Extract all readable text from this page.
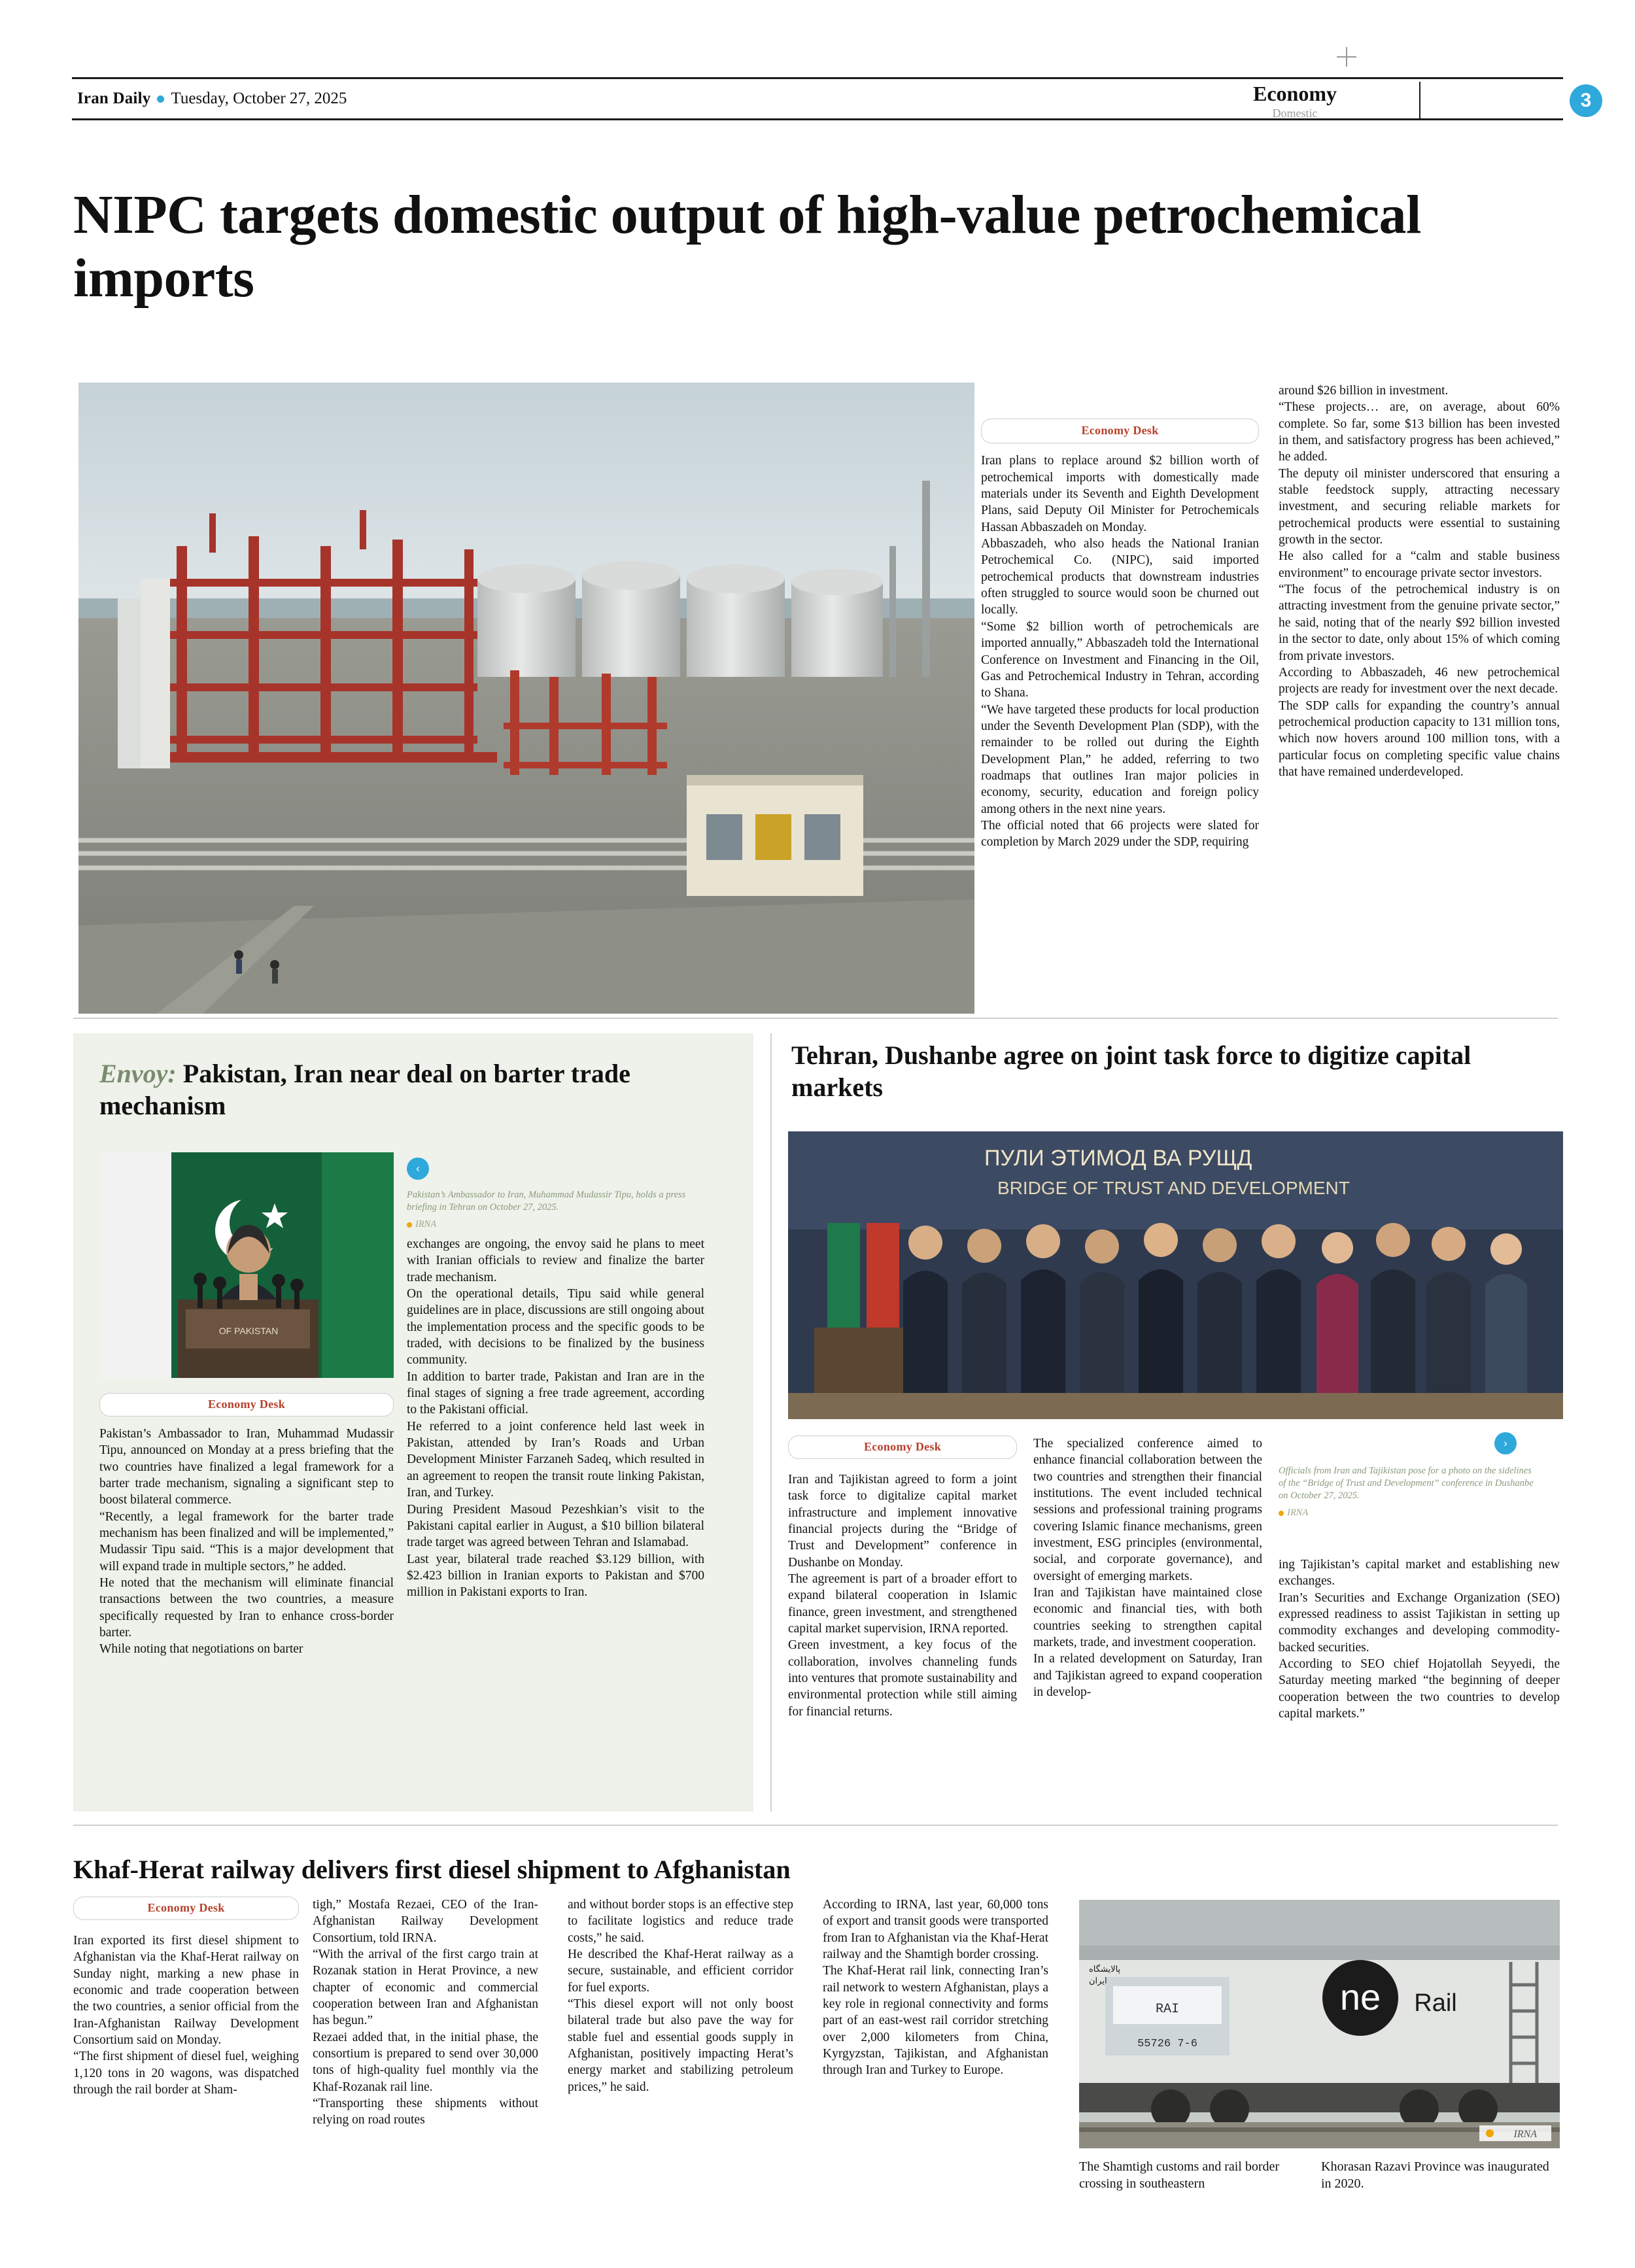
Iran Daily Tuesday, October 27, 2025	Economy
Domestic
3
NIPC targets domestic output of high-value petrochemical imports
Economy Desk

Iran plans to replace around $2 billion worth of petrochemical imports with domestically made materials under its Seventh and Eighth Development Plans, said Deputy Oil Minister for Petrochemicals Hassan Abbaszadeh on Monday.

Abbaszadeh, who also heads the National Iranian Petrochemical Co. (NIPC), said imported petrochemical products that downstream industries often struggled to source would soon be churned out locally.

“Some $2 billion worth of petrochemicals are imported annually,” Abbaszadeh told the International Conference on Investment and Financing in the Oil, Gas and Petrochemical Industry in Tehran, according to Shana.

“We have targeted these products for local production under the Seventh Development Plan (SDP), with the remainder to be rolled out during the Eighth Development Plan,” he added, referring to two roadmaps that outlines Iran major policies in economy, security, education and foreign policy among others in the next nine years.

The official noted that 66 projects were slated for completion by March 2029 under the SDP, requiring

around $26 billion in investment.

“These projects… are, on average, about 60% complete. So far, some $13 billion has been invested in them, and satisfactory progress has been achieved,” he added.

The deputy oil minister underscored that ensuring a stable feedstock supply, attracting necessary investment, and securing reliable markets for petrochemical products were essential to sustaining growth in the sector.

He also called for a “calm and stable business environment” to encourage private sector investors.

“The focus of the petrochemical industry is on attracting investment from the genuine private sector,” he said, noting that of the nearly $92 billion invested in the sector to date, only about 15% of which coming from private investors.

According to Abbaszadeh, 46 new petrochemical projects are ready for investment over the next decade.

The SDP calls for expanding the country’s annual petrochemical production capacity to 131 million tons, which now hovers around 100 million tons, with a particular focus on completing specific value chains that have remained underdeveloped.

Envoy: Pakistan, Iran near deal on barter trade mechanism
OF PAKISTAN
‹
Pakistan’s Ambassador to Iran, Muhammad Mudassir Tipu, holds a press briefing in Tehran on October 27, 2025.
IRNA

exchanges are ongoing, the envoy said he plans to meet with Iranian officials to review and finalize the barter trade mechanism.

On the operational details, Tipu said while general guidelines are in place, discussions are still ongoing about the implementation process and the specific goods to be traded, with decisions to be finalized by the business community.

In addition to barter trade, Pakistan and Iran are in the final stages of signing a free trade agreement, according to the Pakistani official.

He referred to a joint conference held last week in Pakistan, attended by Iran’s Roads and Urban Development Minister Farzaneh Sadeq, which resulted in an agreement to reopen the transit route linking Pakistan, Iran, and Turkey.

During President Masoud Pezeshkian’s visit to the Pakistani capital earlier in August, a $10 billion bilateral trade target was agreed between Tehran and Islamabad.

Last year, bilateral trade reached $3.129 billion, with $2.423 billion in Iranian exports to Pakistan and $700 million in Pakistani exports to Iran.

Economy Desk

Pakistan’s Ambassador to Iran, Muhammad Mudassir Tipu, announced on Monday at a press briefing that the two countries have finalized a legal framework for a barter trade mechanism, signaling a significant step to boost bilateral commerce.

“Recently, a legal framework for the barter trade mechanism has been finalized and will be implemented,” Mudassir Tipu said. “This is a major development that will expand trade in multiple sectors,” he added.

He noted that the mechanism will eliminate financial transactions between the two countries, a measure specifically requested by Iran to enhance cross-border barter.

While noting that negotiations on barter

Tehran, Dushanbe agree on joint task force to digitize capital markets
ПУЛИ ЭТИМОД ВА РУЩД
BRIDGE OF TRUST AND DEVELOPMENT
Economy Desk

Iran and Tajikistan agreed to form a joint task force to digitalize capital market infrastructure and implement innovative financial projects during the “Bridge of Trust and Development” conference in Dushanbe on Monday.

The agreement is part of a broader effort to expand bilateral cooperation in Islamic finance, green investment, and strengthened capital market supervision, IRNA reported.

Green investment, a key focus of the collaboration, involves channeling funds into ventures that promote sustainability and environmental protection while still aiming for financial returns.

The specialized conference aimed to enhance financial collaboration between the two countries and strengthen their financial institutions. The event included technical sessions and professional training programs covering Islamic finance mechanisms, green investment, ESG principles (environmental, social, and corporate governance), and oversight of emerging markets.

Iran and Tajikistan have maintained close economic and financial ties, with both countries seeking to strengthen capital markets, trade, and investment cooperation.

In a related development on Saturday, Iran and Tajikistan agreed to expand cooperation in develop-

›
Officials from Iran and Tajikistan pose for a photo on the sidelines of the “Bridge of Trust and Development” conference in Dushanbe on October 27, 2025.
IRNA

ing Tajikistan’s capital market and establishing new exchanges.

Iran’s Securities and Exchange Organization (SEO) expressed readiness to assist Tajikistan in setting up commodity exchanges and developing commodity-backed securities.

According to SEO chief Hojatollah Seyyedi, the Saturday meeting marked “the beginning of deeper cooperation between the two countries to develop capital markets.”

Khaf-Herat railway delivers first diesel shipment to Afghanistan
Economy Desk

Iran exported its first diesel shipment to Afghanistan via the Khaf-Herat railway on Sunday night, marking a new phase in economic and trade cooperation between the two countries, a senior official from the Iran-Afghanistan Railway Development Consortium said on Monday.

“The first shipment of diesel fuel, weighing 1,120 tons in 20 wagons, was dispatched through the rail border at Sham-

tigh,” Mostafa Rezaei, CEO of the Iran-Afghanistan Railway Development Consortium, told IRNA.

“With the arrival of the first cargo train at Rozanak station in Herat Province, a new chapter of economic and commercial cooperation between Iran and Afghanistan has begun.”

Rezaei added that, in the initial phase, the consortium is prepared to send over 30,000 tons of high-quality fuel monthly via the Khaf-Rozanak rail line.

“Transporting these shipments without relying on road routes

and without border stops is an effective step to facilitate logistics and reduce trade costs,” he said.

He described the Khaf-Herat railway as a secure, sustainable, and efficient corridor for fuel exports.

“This diesel export will not only boost bilateral trade but also pave the way for stable fuel and essential goods supply in Afghanistan, positively impacting Herat’s energy market and stabilizing petroleum prices,” he said.

According to IRNA, last year, 60,000 tons of export and transit goods were transported from Iran to Afghanistan via the Khaf-Herat railway and the Shamtigh border crossing.

The Khaf-Herat rail link, connecting Iran’s rail network to western Afghanistan, plays a key role in regional connectivity and forms part of an east-west rail corridor stretching over 2,000 kilometers from China, Kyrgyzstan, Tajikistan, and Afghanistan through Iran and Turkey to Europe.

RAI
55726 7-6
ne Rail
پالایشگاه
ایران
IRNA
The Shamtigh customs and rail border crossing in southeastern
Khorasan Razavi Province was inaugurated in 2020.
